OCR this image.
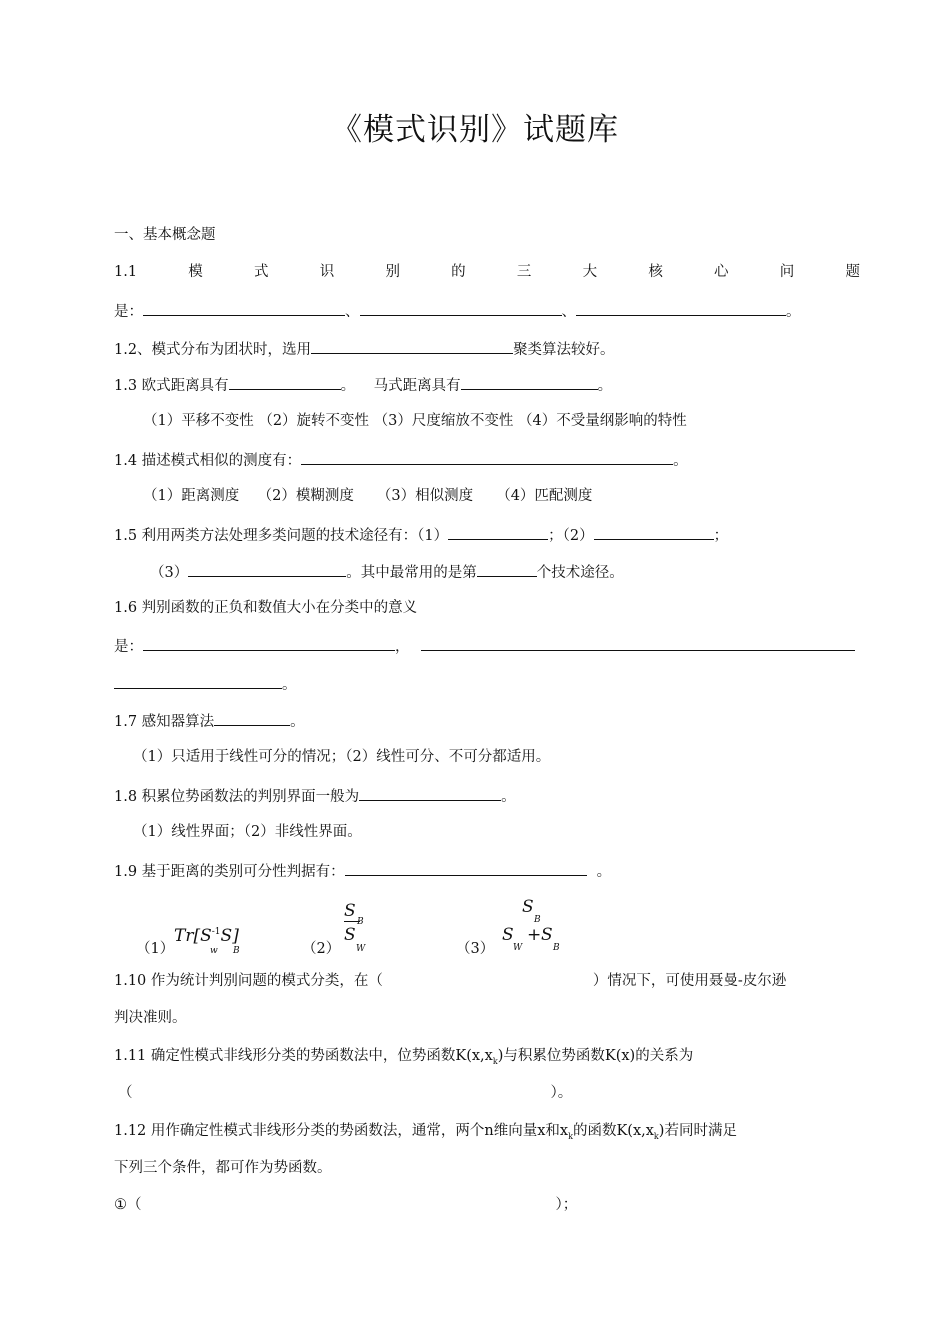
《模式识别》试题库
一、基本概念题
1.1	模	式	识	别	的	三	大	核	心	问	题
是：	、	、	。
1.2、模式分布为团状时，选用	聚类算法较好。
1.3 欧式距离具有	。    马式距离具有	。
（1）平移不变性 （2）旋转不变性 （3）尺度缩放不变性 （4）不受量纲影响的特性
1.4 描述模式相似的测度有：	。
（1）距离测度    （2）模糊测度     （3）相似测度     （4）匹配测度
1.5 利用两类方法处理多类问题的技术途径有：（1）	；（2）	；
（3）	。其中最常用的是第	个技术途径。
1.6 判别函数的正负和数值大小在分类中的意义
是：	，
。
1.7 感知器算法	。
（1）只适用于线性可分的情况；（2）线性可分、不可分都适用。
1.8 积累位势函数法的判别界面一般为	。
（1）线性界面；（2）非线性界面。
1.9 基于距离的类别可分性判据有：	。
（1）
$Tr[S^{-1}S]$
w B	（2）
S
B
S
W	（3）
S
B
S
W
+ S
B
1.10 作为统计判别问题的模式分类，在（	）情况下，可使用聂曼-皮尔逊
判决准则。
1.11 确定性模式非线形分类的势函数法中，位势函数$K(x,x_k)$与积累位势函数K(x)的关系为
（	）。
1.12 用作确定性模式非线形分类的势函数法，通常，两个n维向量x和$x_k$的函数$K(x,x_k)$若同时满足
下列三个条件，都可作为势函数。
①（	）；
